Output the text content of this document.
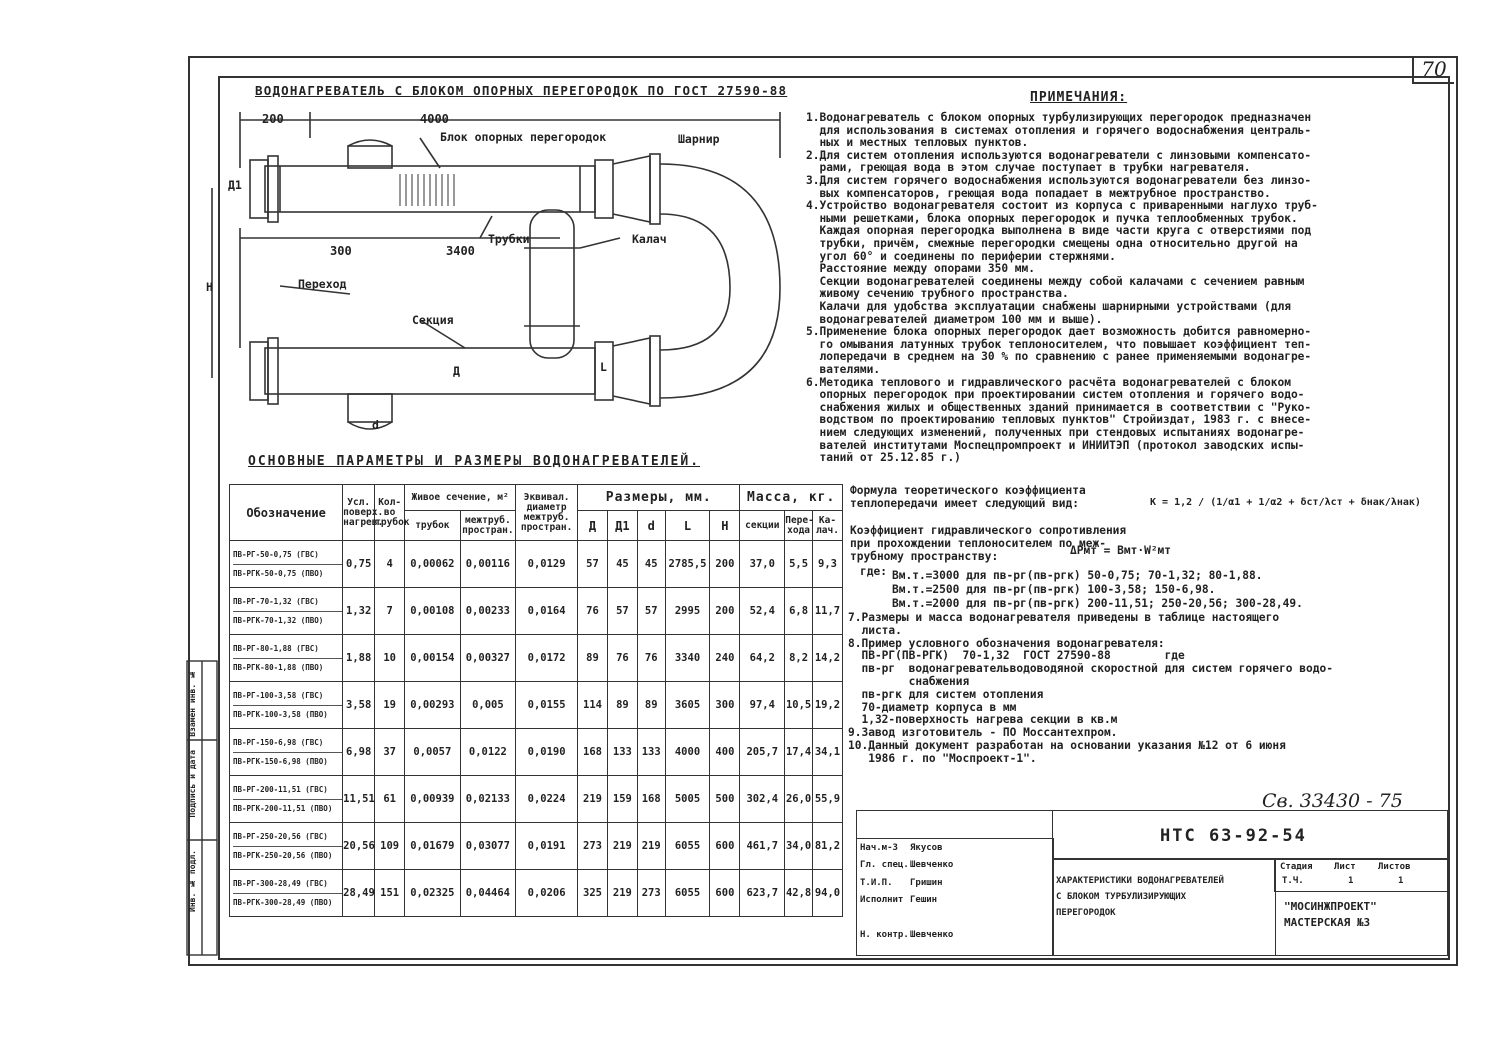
70
ВОДОНАГРЕВАТЕЛЬ С БЛОКОМ ОПОРНЫХ ПЕРЕГОРОДОК ПО ГОСТ 27590-88
200	4000
300	3400
Блок опорных перегородок	Шарнир
Трубки	Калач
Переход
Секция
Д1
Н
Д
d
L
ПРИМЕЧАНИЯ:
1.Водонагреватель с блоком опорных турбулизирующих перегородок предназначен
для использования в системах отопления и горячего водоснабжения централь-
ных и местных тепловых пунктов.
2.Для систем отопления используются водонагреватели с линзовыми компенсато-
рами, греющая вода в этом случае поступает в трубки нагревателя.
3.Для систем горячего водоснабжения используются водонагреватели без линзо-
вых компенсаторов, греющая вода попадает в межтрубное пространство.
4.Устройство водонагревателя состоит из корпуса с приваренными наглухо труб-
ными решетками, блока опорных перегородок и пучка теплообменных трубок.
Каждая опорная перегородка выполнена в виде части круга с отверстиями под
трубки, причём, смежные перегородки смещены одна относительно другой на
угол 60° и соединены по периферии стержнями.
Расстояние между опорами 350 мм.
Секции водонагревателей соединены между собой калачами с сечением равным
живому сечению трубного пространства.
Калачи для удобства эксплуатации снабжены шарнирными устройствами (для
водонагревателей диаметром 100 мм и выше).
5.Применение блока опорных перегородок дает возможность добится равномерно-
го омывания латунных трубок теплоносителем, что повышает коэффициент теп-
лопередачи в среднем на 30 % по сравнению с ранее применяемыми водонагре-
вателями.
6.Методика теплового и гидравлического расчёта водонагревателей с блоком
опорных перегородок при проектировании систем отопления и горячего водо-
снабжения жилых и общественных зданий принимается в соответствии с "Руко-
водством по проектированию тепловых пунктов" Стройиздат, 1983 г. с внесе-
нием следующих изменений, полученных при стендовых испытаниях водонагре-
вателей институтами Моспецпромпроект и ИНИИТЭП (протокол заводских испы-
таний от 25.12.85 г.)
Формула теоретического коэффициента
теплопередачи имеет следующий вид:	K = 1,2 / (1/α1 + 1/α2 + δст/λст + δнак/λнак)
Коэффициент гидравлического сопротивления
при прохождении теплоносителем по меж-
трубному пространству:	ΔPмт = Bмт·W²мт
где: Вм.т.=3000 для пв-рг(пв-ргк) 50-0,75; 70-1,32; 80-1,88.
Вм.т.=2500 для пв-рг(пв-ргк) 100-3,58; 150-6,98.
Вм.т.=2000 для пв-рг(пв-ргк) 200-11,51; 250-20,56; 300-28,49.
7.Размеры и масса водонагревателя приведены в таблице настоящего
листа.
8.Пример условного обозначения водонагревателя:
ПВ-РГ(ПВ-РГК)  70-1,32  ГОСТ 27590-88        где
пв-рг  водонагревательводоводяной скоростной для систем горячего водо-
снабжения
пв-ргк для систем отопления
70-диаметр корпуса в мм
1,32-поверхность нагрева секции в кв.м
9.Завод изготовитель - ПО Мосcантехпром.
10.Данный документ разработан на основании указания №12 от 6 июня
1986 г. по "Моспроект-1".
ОСНОВНЫЕ ПАРАМЕТРЫ И РАЗМЕРЫ ВОДОНАГРЕВАТЕЛЕЙ.
Обозначение	Усл. поверх. нагрев.	Кол-во трубок	Живое сечение, м²		Эквивал. диаметр межтруб. простран.	Размеры, мм.					Масса, кг.		
			трубок	межтруб. простран.		Д	Д1	d	L	Н	секции	Пере-хода	Ка-лач.

ПВ-РГ-50-0,75 (ГВС)
ПВ-РГК-50-0,75 (ПВО)	0,75	4	0,00062	0,00116	0,0129	57	45	45	2785,5	200	37,0	5,5	9,3

ПВ-РГ-70-1,32 (ГВС)
ПВ-РГК-70-1,32 (ПВО)	1,32	7	0,00108	0,00233	0,0164	76	57	57	2995	200	52,4	6,8	11,7

ПВ-РГ-80-1,88 (ГВС)
ПВ-РГК-80-1,88 (ПВО)	1,88	10	0,00154	0,00327	0,0172	89	76	76	3340	240	64,2	8,2	14,2

ПВ-РГ-100-3,58 (ГВС)
ПВ-РГК-100-3,58 (ПВО)	3,58	19	0,00293	0,005	0,0155	114	89	89	3605	300	97,4	10,5	19,2

ПВ-РГ-150-6,98 (ГВС)
ПВ-РГК-150-6,98 (ПВО)	6,98	37	0,0057	0,0122	0,0190	168	133	133	4000	400	205,7	17,4	34,1

ПВ-РГ-200-11,51 (ГВС)
ПВ-РГК-200-11,51 (ПВО)	11,51	61	0,00939	0,02133	0,0224	219	159	168	5005	500	302,4	26,0	55,9

ПВ-РГ-250-20,56 (ГВС)
ПВ-РГК-250-20,56 (ПВО)	20,56	109	0,01679	0,03077	0,0191	273	219	219	6055	600	461,7	34,0	81,2

ПВ-РГ-300-28,49 (ГВС)
ПВ-РГК-300-28,49 (ПВО)	28,49	151	0,02325	0,04464	0,0206	325	219	273	6055	600	623,7	42,8	94,0
Инв. № подл.
Подпись и дата
Взамен инв. №
Св. 33430 - 75
НТС 63-92-54
Нач.м-3 Якусов
Гл. спец. Шевченко
Т.И.П. Гришин
Исполнит Гешин
Н. контр. Шевченко
ХАРАКТЕРИСТИКИ ВОДОНАГРЕВАТЕЛЕЙ
С БЛОКОМ ТУРБУЛИЗИРУЮЩИХ
ПЕРЕГОРОДОК
Стадия Лист Листов
Т.Ч.	1	1
"МОСИНЖПРОЕКТ"
МАСТЕРСКАЯ №3
